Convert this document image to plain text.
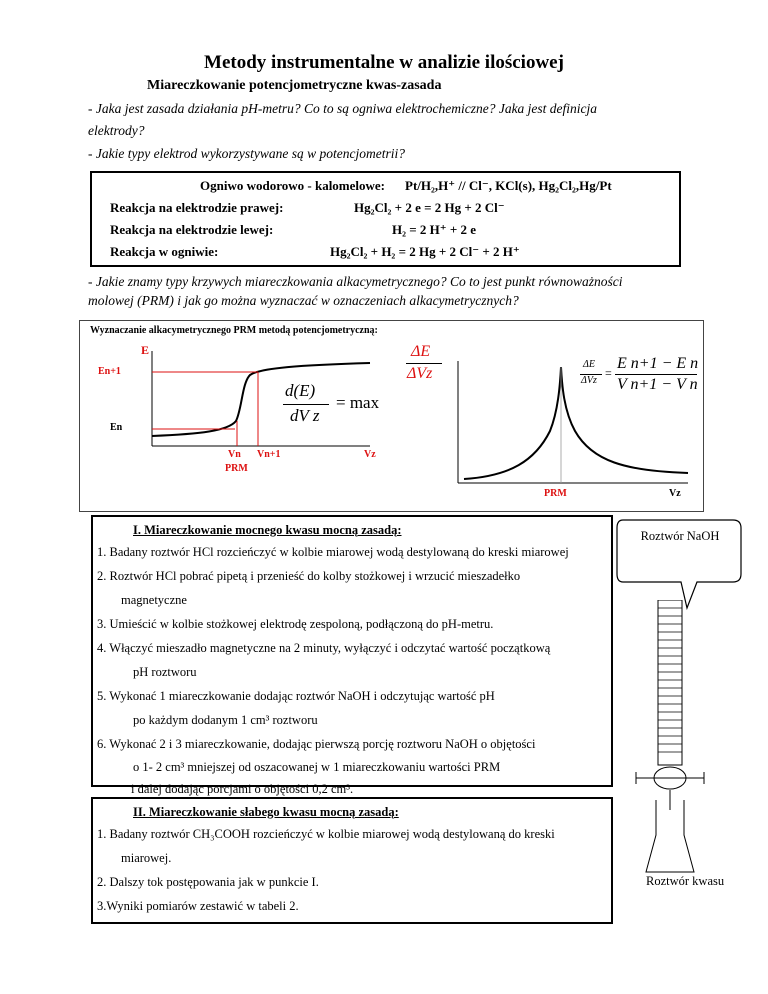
Metody instrumentalne w analizie ilościowej
Miareczkowanie potencjometryczne kwas-zasada
- Jaka jest zasada działania pH-metru? Co to są ogniwa elektrochemiczne? Jaka jest definicja
elektrody?
- Jakie typy elektrod wykorzystywane są w potencjometrii?
Ogniwo wodorowo - kalomelowe: Pt/H₂,H⁺ // Cl⁻, KCl(s), Hg₂Cl₂,Hg/Pt
Reakcja na elektrodzie prawej:	Hg₂Cl₂ + 2 e = 2 Hg + 2 Cl⁻
Reakcja na elektrodzie lewej:	H₂ = 2 H⁺ + 2 e
Reakcja w ogniwie:	Hg₂Cl₂ + H₂ = 2 Hg + 2 Cl⁻ + 2 H⁺
- Jakie znamy typy krzywych miareczkowania alkacymetrycznego? Co to jest punkt równoważności
molowej (PRM) i jak go można wyznaczać w oznaczeniach alkacymetrycznych?
Wyznaczanie alkacymetrycznego PRM metodą potencjometryczną:
E
En+1
En
Vn Vn+1
PRM
Vz
ΔE
ΔVz
d(E)
dV z
= max
ΔE
ΔVz
=
E n+1 − E n
V n+1 − V n
PRM	Vz
I. Miareczkowanie mocnego kwasu mocną zasadą:
1. Badany roztwór HCl rozcieńczyć w kolbie miarowej wodą destylowaną do kreski miarowej
2. Roztwór HCl pobrać pipetą i przenieść do kolby stożkowej i wrzucić mieszadełko
magnetyczne
3. Umieścić w kolbie stożkowej elektrodę zespoloną, podłączoną do pH-metru.
4. Włączyć mieszadło magnetyczne na 2 minuty, wyłączyć i odczytać wartość początkową
pH roztworu
5. Wykonać 1 miareczkowanie dodając roztwór NaOH i odczytując wartość pH
po każdym dodanym 1 cm³ roztworu
6. Wykonać 2 i 3 miareczkowanie, dodając pierwszą porcję roztworu NaOH o objętości
o 1- 2 cm³ mniejszej od oszacowanej w 1 miareczkowaniu wartości PRM
i dalej dodając porcjami o objętości 0,2 cm³.
II. Miareczkowanie słabego kwasu mocną zasadą:
1. Badany roztwór CH₃COOH rozcieńczyć w kolbie miarowej wodą destylowaną do kreski
miarowej.
2. Dalszy tok postępowania jak w punkcie I.
3.Wyniki pomiarów zestawić w tabeli 2.
Roztwór NaOH
Roztwór kwasu
